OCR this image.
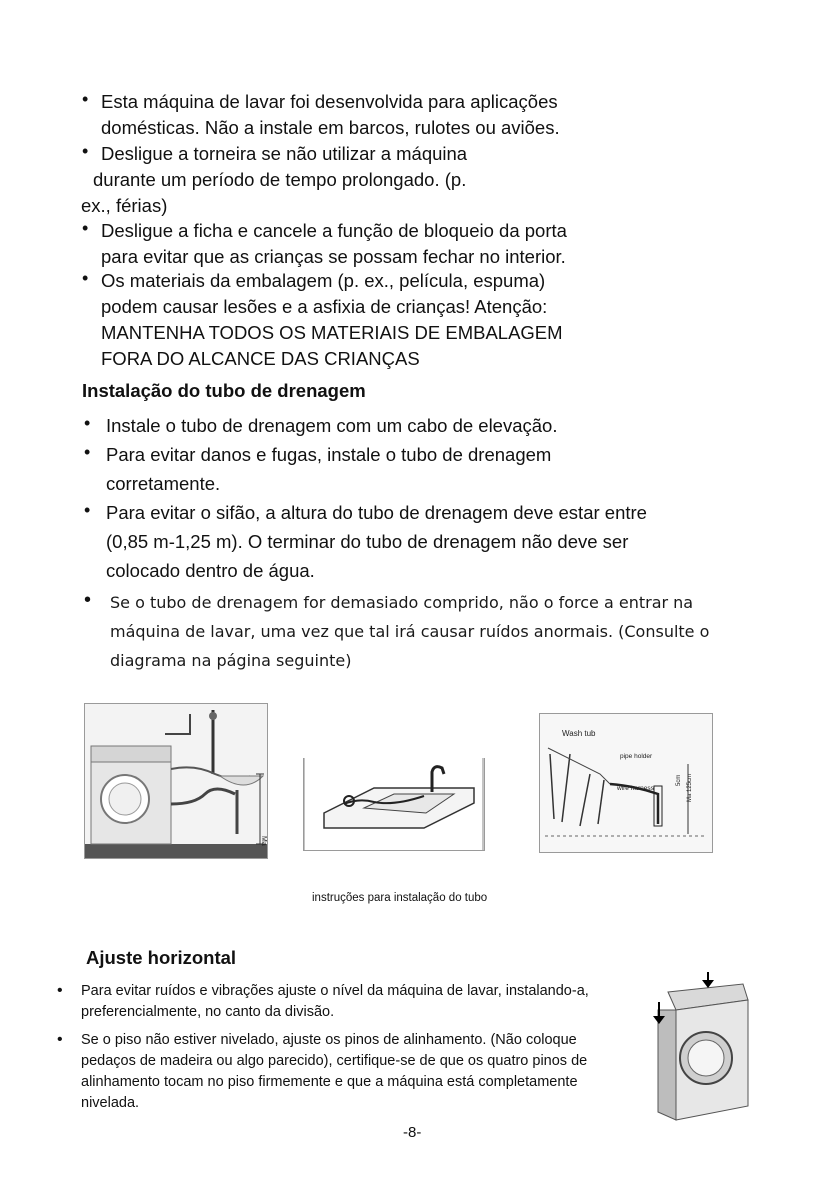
• Esta máquina de lavar foi desenvolvida para aplicações
domésticas. Não a instale em barcos, rulotes ou aviões.
• Desligue a torneira se não utilizar a máquina
durante um período de tempo prolongado. (p.
ex., férias)
• Desligue a ficha e cancele a função de bloqueio da porta
para evitar que as crianças se possam fechar no interior.
• Os materiais da embalagem (p. ex., película, espuma)
podem causar lesões e a asfixia de crianças! Atenção:
MANTENHA TODOS OS MATERIAIS DE EMBALAGEM
FORA DO ALCANCE DAS CRIANÇAS
Instalação do tubo de drenagem
• Instale o tubo de drenagem com um cabo de elevação.
• Para evitar danos e fugas, instale o tubo de drenagem
corretamente.
• Para evitar o sifão, a altura do tubo de drenagem deve estar entre
(0,85 m-1,25 m). O terminar do tubo de drenagem não deve ser
colocado dentro de água.
• Se o tubo de drenagem for demasiado comprido, não o force a entrar na
máquina de lavar, uma vez que tal irá causar ruídos anormais. (Consulte o
diagrama na página seguinte)
Ma
Wash tub
pipe holder
wire harness
5cm Ma 125cm
instruções para instalação do tubo
Ajuste horizontal
• Para evitar ruídos e vibrações ajuste o nível da máquina de lavar, instalando-a,
preferencialmente, no canto da divisão.
• Se o piso não estiver nivelado, ajuste os pinos de alinhamento. (Não coloque
pedaços de madeira ou algo parecido), certifique-se de que os quatro pinos de
alinhamento tocam no piso firmemente e que a máquina está completamente
nivelada.
-8-
